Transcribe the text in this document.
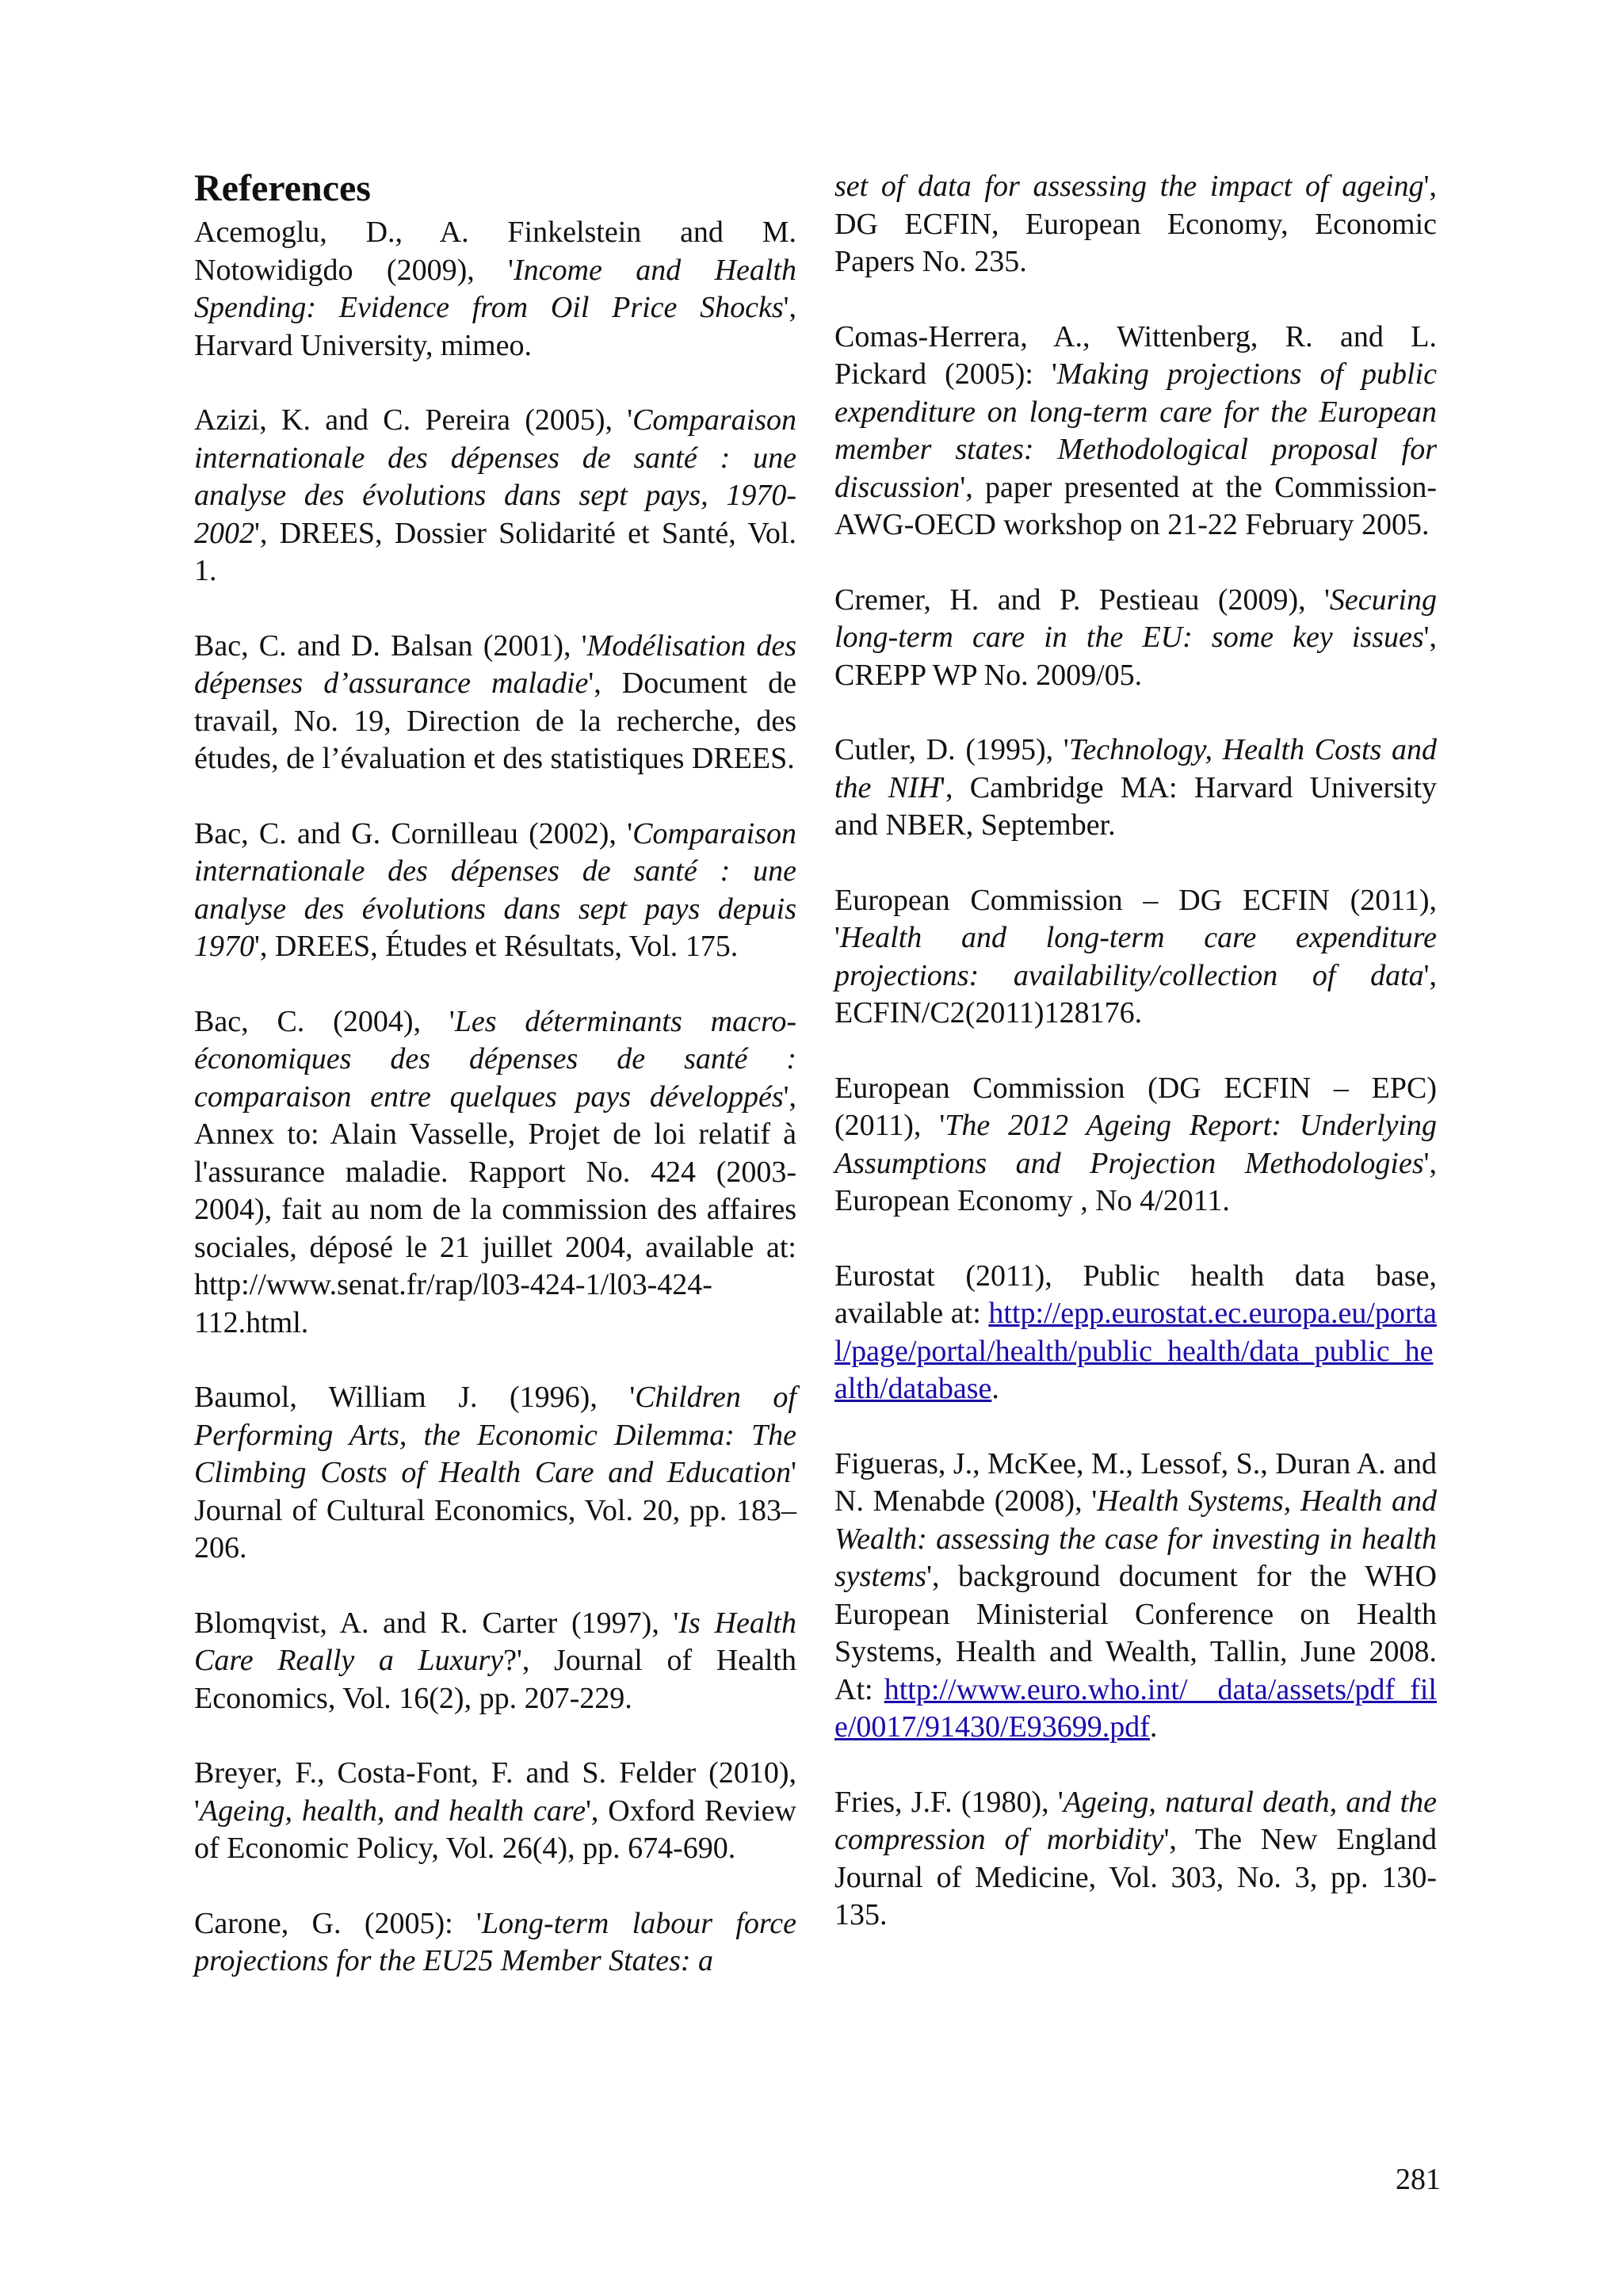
References
Acemoglu, D., A. Finkelstein and M. Notowidigdo (2009), 'Income and Health Spending: Evidence from Oil Price Shocks', Harvard University, mimeo.
Azizi, K. and C. Pereira (2005), 'Comparaison internationale des dépenses de santé : une analyse des évolutions dans sept pays, 1970-2002', DREES, Dossier Solidarité et Santé, Vol. 1.
Bac, C. and D. Balsan (2001), 'Modélisation des dépenses d’assurance maladie', Document de travail, No. 19, Direction de la recherche, des études, de l’évaluation et des statistiques DREES.
Bac, C. and G. Cornilleau (2002), 'Comparaison internationale des dépenses de santé : une analyse des évolutions dans sept pays depuis 1970', DREES, Études et Résultats, Vol. 175.
Bac, C. (2004), 'Les déterminants macro-économiques des dépenses de santé : comparaison entre quelques pays développés', Annex to: Alain Vasselle, Projet de loi relatif à l'assurance maladie. Rapport No. 424 (2003-2004), fait au nom de la commission des affaires sociales, déposé le 21 juillet 2004, available at: http://www.senat.fr/rap/l03-424-1/l03-424-112.html.
Baumol, William J. (1996), 'Children of Performing Arts, the Economic Dilemma: The Climbing Costs of Health Care and Education' Journal of Cultural Economics, Vol. 20, pp. 183–206.
Blomqvist, A. and R. Carter (1997), 'Is Health Care Really a Luxury?', Journal of Health Economics, Vol. 16(2), pp. 207-229.
Breyer, F., Costa-Font, F. and S. Felder (2010), 'Ageing, health, and health care', Oxford Review of Economic Policy, Vol. 26(4), pp. 674-690.
Carone, G. (2005): 'Long-term labour force projections for the EU25 Member States: a
set of data for assessing the impact of ageing', DG ECFIN, European Economy, Economic Papers No. 235.
Comas-Herrera, A., Wittenberg, R. and L. Pickard (2005): 'Making projections of public expenditure on long-term care for the European member states: Methodological proposal for discussion', paper presented at the Commission- AWG-OECD workshop on 21-22 February 2005.
Cremer, H. and P. Pestieau (2009), 'Securing long-term care in the EU: some key issues', CREPP WP No. 2009/05.
Cutler, D. (1995), 'Technology, Health Costs and the NIH', Cambridge MA: Harvard University and NBER, September.
European Commission – DG ECFIN (2011), 'Health and long-term care expenditure projections: availability/collection of data', ECFIN/C2(2011)128176.
European Commission (DG ECFIN – EPC) (2011), 'The 2012 Ageing Report: Underlying Assumptions and Projection Methodologies', European Economy , No 4/2011.
Eurostat (2011), Public health data base, available at: http://epp.eurostat.ec.europa.eu/portal/page/portal/health/public_health/data_public_health/database.
Figueras, J., McKee, M., Lessof, S., Duran A. and N. Menabde (2008), 'Health Systems, Health and Wealth: assessing the case for investing in health systems', background document for the WHO European Ministerial Conference on Health Systems, Health and Wealth, Tallin, June 2008. At: http://www.euro.who.int/__data/assets/pdf_file/0017/91430/E93699.pdf.
Fries, J.F. (1980), 'Ageing, natural death, and the compression of morbidity', The New England Journal of Medicine, Vol. 303, No. 3, pp. 130-135.
281
